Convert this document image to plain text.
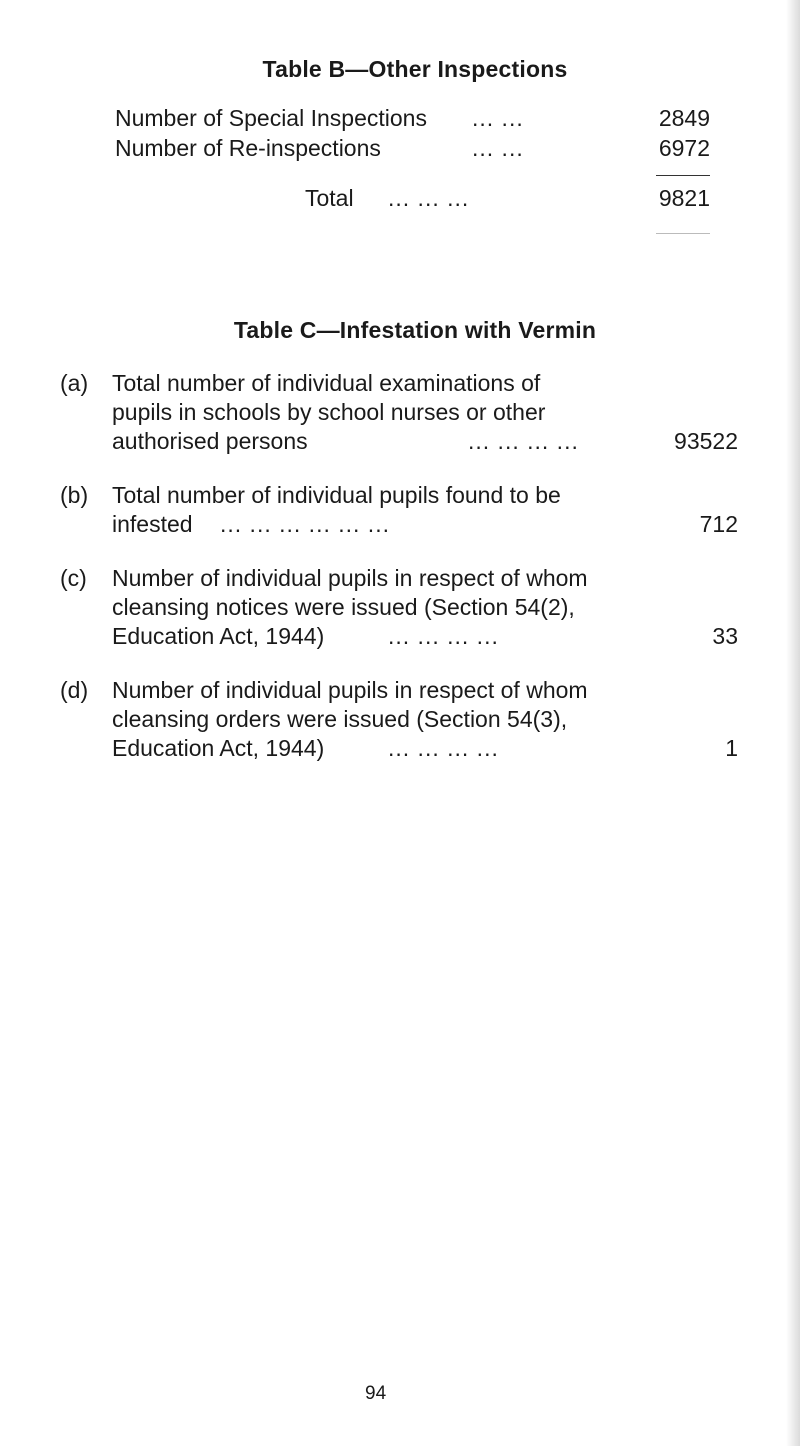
Table B—Other Inspections
Number of Special Inspections ... ...	2849
Number of Re-inspections	... ...	6972
Total ... ... ...	9821
Table C—Infestation with Vermin
(a) Total number of individual examinations of
pupils in schools by school nurses or other
authorised persons	... ... ... ...	93522
(b) Total number of individual pupils found to be
infested ... ... ... ... ... ...	712
(c) Number of individual pupils in respect of whom
cleansing notices were issued (Section 54(2),
Education Act, 1944)	... ... ... ...	33
(d) Number of individual pupils in respect of whom
cleansing orders were issued (Section 54(3),
Education Act, 1944)	... ... ... ...	1
94
